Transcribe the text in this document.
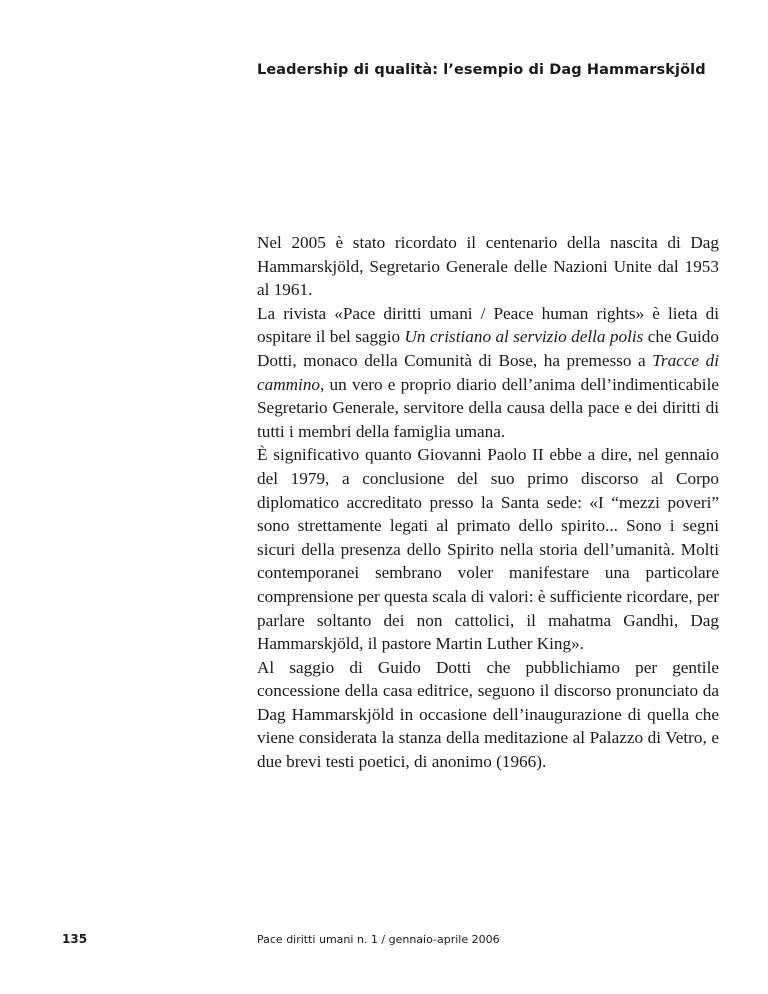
Leadership di qualità: l’esempio di Dag Hammarskjöld

Nel 2005 è stato ricordato il centenario della nascita di Dag Hammarskjöld, Segretario Generale delle Nazioni Unite dal 1953 al 1961.

La rivista «Pace diritti umani / Peace human rights» è lieta di ospitare il bel saggio Un cristiano al servizio della polis che Guido Dotti, monaco della Comunità di Bose, ha premesso a Tracce di cammino, un vero e proprio diario dell’anima dell’indimenticabile Segretario Generale, servitore della causa della pace e dei diritti di tutti i membri della famiglia umana.

È significativo quanto Giovanni Paolo II ebbe a dire, nel gennaio del 1979, a conclusione del suo primo discorso al Corpo diplomatico accreditato presso la Santa sede: «I “mezzi poveri” sono strettamente legati al primato dello spirito... Sono i segni sicuri della presenza dello Spirito nella storia dell’umanità. Molti contemporanei sembrano voler manifestare una particolare comprensione per questa scala di valori: è sufficiente ricordare, per parlare soltanto dei non cattolici, il mahatma Gandhi, Dag Hammarskjöld, il pastore Martin Luther King».

Al saggio di Guido Dotti che pubblichiamo per gentile concessione della casa editrice, seguono il discorso pronunciato da Dag Hammarskjöld in occasione dell’inaugurazione di quella che viene considerata la stanza della meditazione al Palazzo di Vetro, e due brevi testi poetici, di anonimo (1966).

135	Pace diritti umani n. 1 / gennaio-aprile 2006
